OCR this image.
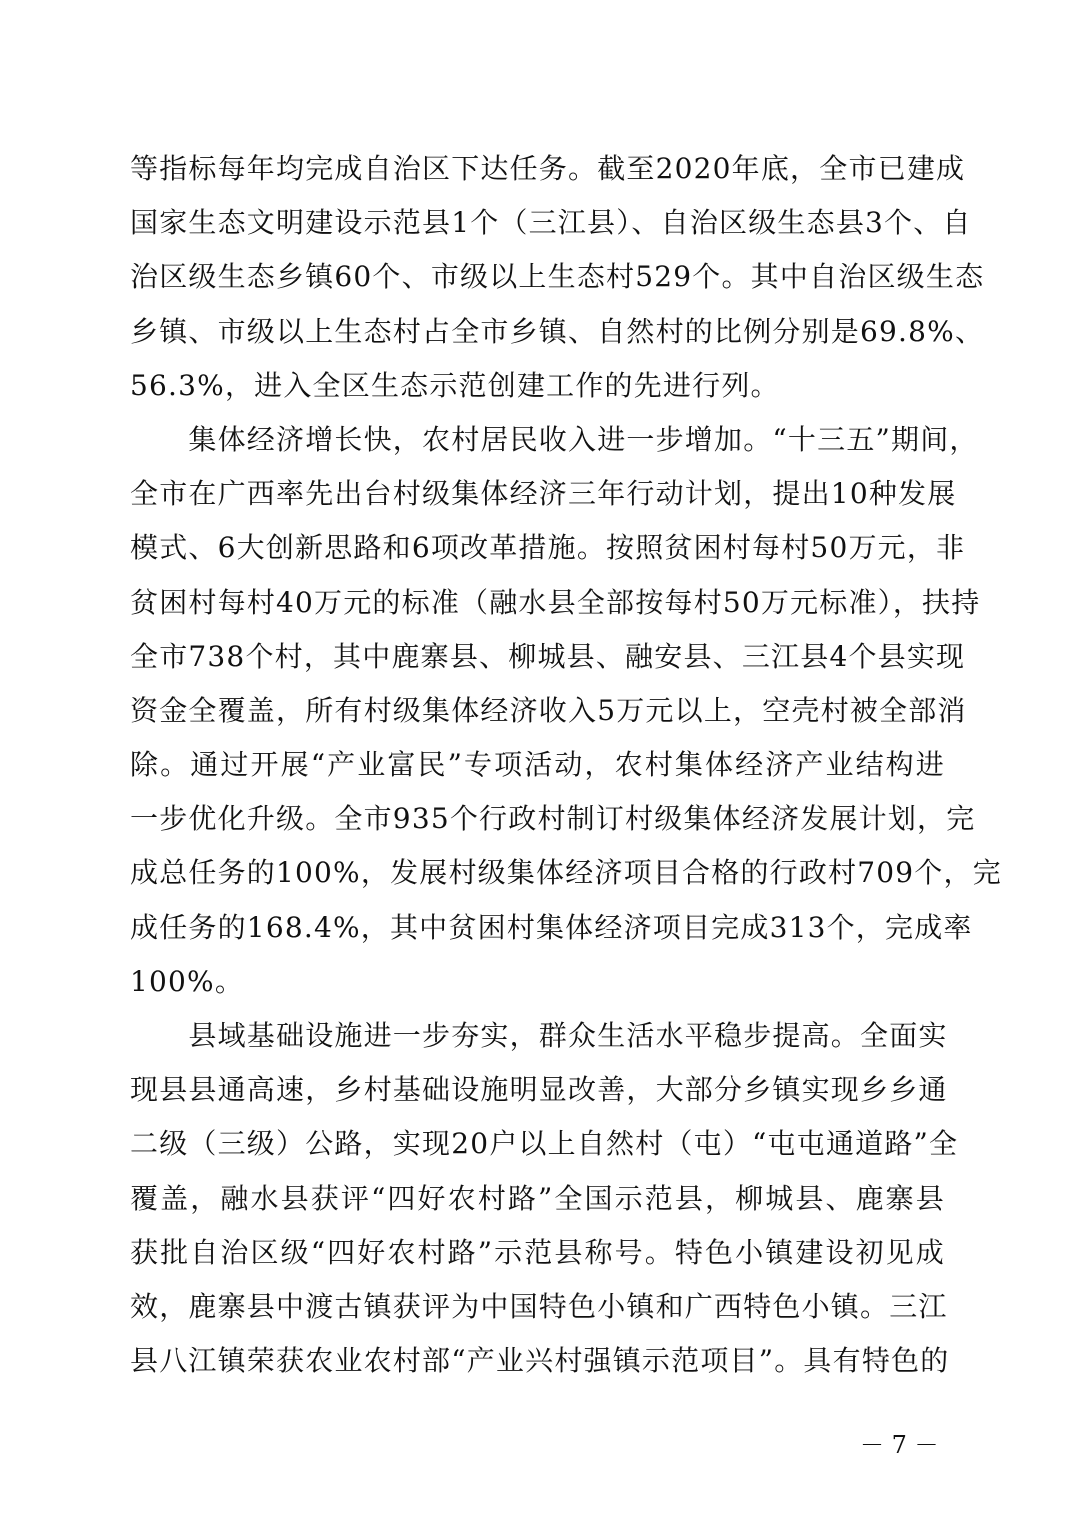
等指标每年均完成自治区下达任务。截至2020年底，全市已建成
国家生态文明建设示范县1个（三江县）、自治区级生态县3个、自
治区级生态乡镇60个、市级以上生态村529个。其中自治区级生态
乡镇、市级以上生态村占全市乡镇、自然村的比例分别是69.8%、
56.3%，进入全区生态示范创建工作的先进行列。
　　集体经济增长快，农村居民收入进一步增加。“十三五”期间，
全市在广西率先出台村级集体经济三年行动计划，提出10种发展
模式、6大创新思路和6项改革措施。按照贫困村每村50万元，非
贫困村每村40万元的标准（融水县全部按每村50万元标准），扶持
全市738个村，其中鹿寨县、柳城县、融安县、三江县4个县实现
资金全覆盖，所有村级集体经济收入5万元以上，空壳村被全部消
除。通过开展“产业富民”专项活动，农村集体经济产业结构进
一步优化升级。全市935个行政村制订村级集体经济发展计划，完
成总任务的100%，发展村级集体经济项目合格的行政村709个，完
成任务的168.4%，其中贫困村集体经济项目完成313个，完成率
100%。
　　县域基础设施进一步夯实，群众生活水平稳步提高。全面实
现县县通高速，乡村基础设施明显改善，大部分乡镇实现乡乡通
二级（三级）公路，实现20户以上自然村（屯）“屯屯通道路”全
覆盖，融水县获评“四好农村路”全国示范县，柳城县、鹿寨县
获批自治区级“四好农村路”示范县称号。特色小镇建设初见成
效，鹿寨县中渡古镇获评为中国特色小镇和广西特色小镇。三江
县八江镇荣获农业农村部“产业兴村强镇示范项目”。具有特色的
－ 7 －
